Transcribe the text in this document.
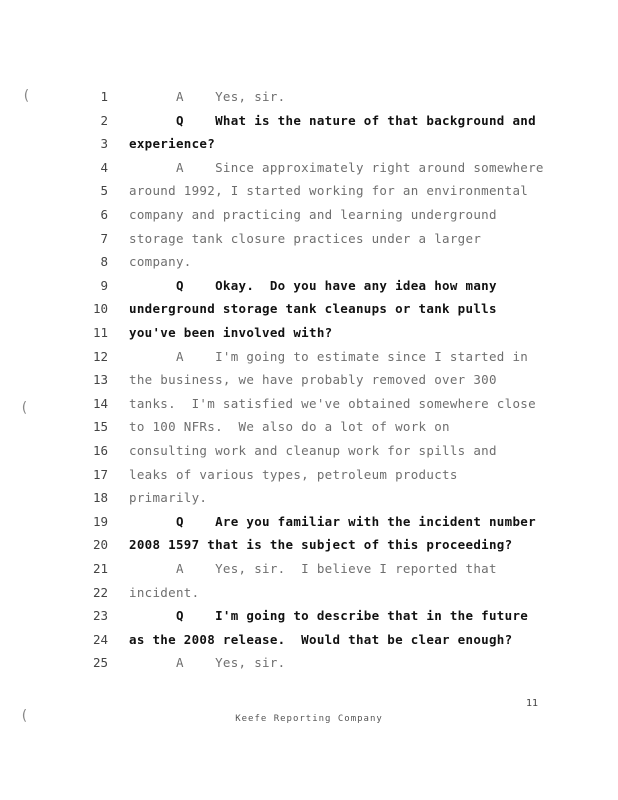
(
(
(
1 A    Yes, sir.
2 Q    What is the nature of that background and
3 experience?
4 A    Since approximately right around somewhere
5 around 1992, I started working for an environmental
6 company and practicing and learning underground
7 storage tank closure practices under a larger
8 company.
9 Q    Okay.  Do you have any idea how many
10 underground storage tank cleanups or tank pulls
11 you've been involved with?
12 A    I'm going to estimate since I started in
13 the business, we have probably removed over 300
14 tanks.  I'm satisfied we've obtained somewhere close
15 to 100 NFRs.  We also do a lot of work on
16 consulting work and cleanup work for spills and
17 leaks of various types, petroleum products
18 primarily.
19 Q    Are you familiar with the incident number
20 2008 1597 that is the subject of this proceeding?
21 A    Yes, sir.  I believe I reported that
22 incident.
23 Q    I'm going to describe that in the future
24 as the 2008 release.  Would that be clear enough?
25 A    Yes, sir.
11
Keefe Reporting Company
